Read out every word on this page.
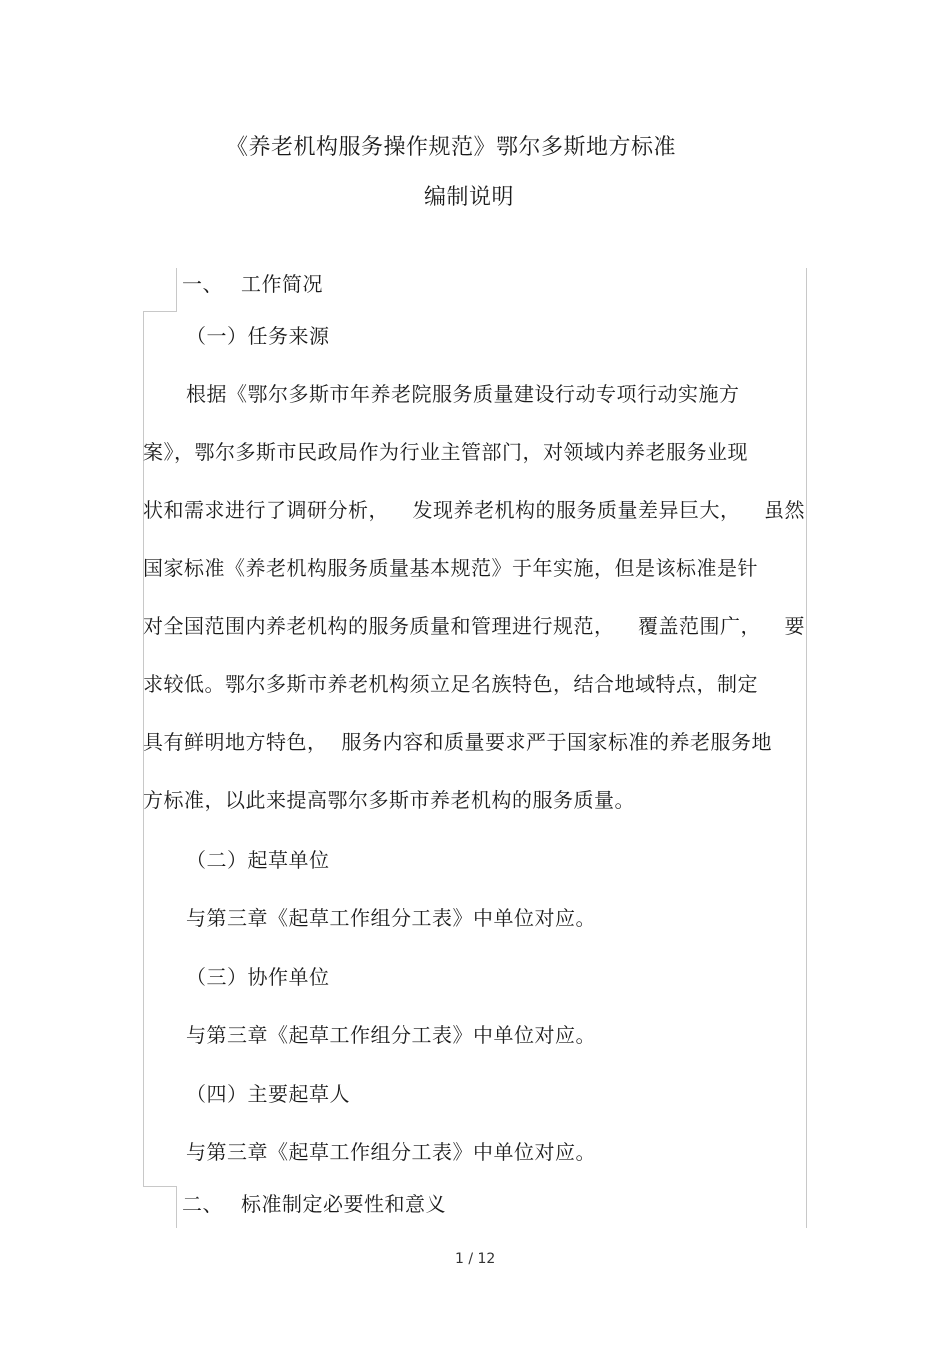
《养老机构服务操作规范》鄂尔多斯地方标准
编制说明
一、 工作简况
（一）任务来源
根据《鄂尔多斯市年养老院服务质量建设行动专项行动实施方
案》，鄂尔多斯市民政局作为行业主管部门，对领域内养老服务业现
状和需求进行了调研分析， 发现养老机构的服务质量差异巨大， 虽然
国家标准《养老机构服务质量基本规范》于年实施，但是该标准是针
对全国范围内养老机构的服务质量和管理进行规范， 覆盖范围广， 要
求较低。鄂尔多斯市养老机构须立足名族特色，结合地域特点，制定
具有鲜明地方特色， 服务内容和质量要求严于国家标准的养老服务地
方标准，以此来提高鄂尔多斯市养老机构的服务质量。
（二）起草单位
与第三章《起草工作组分工表》中单位对应。
（三）协作单位
与第三章《起草工作组分工表》中单位对应。
（四）主要起草人
与第三章《起草工作组分工表》中单位对应。
二、 标准制定必要性和意义
1 / 12
